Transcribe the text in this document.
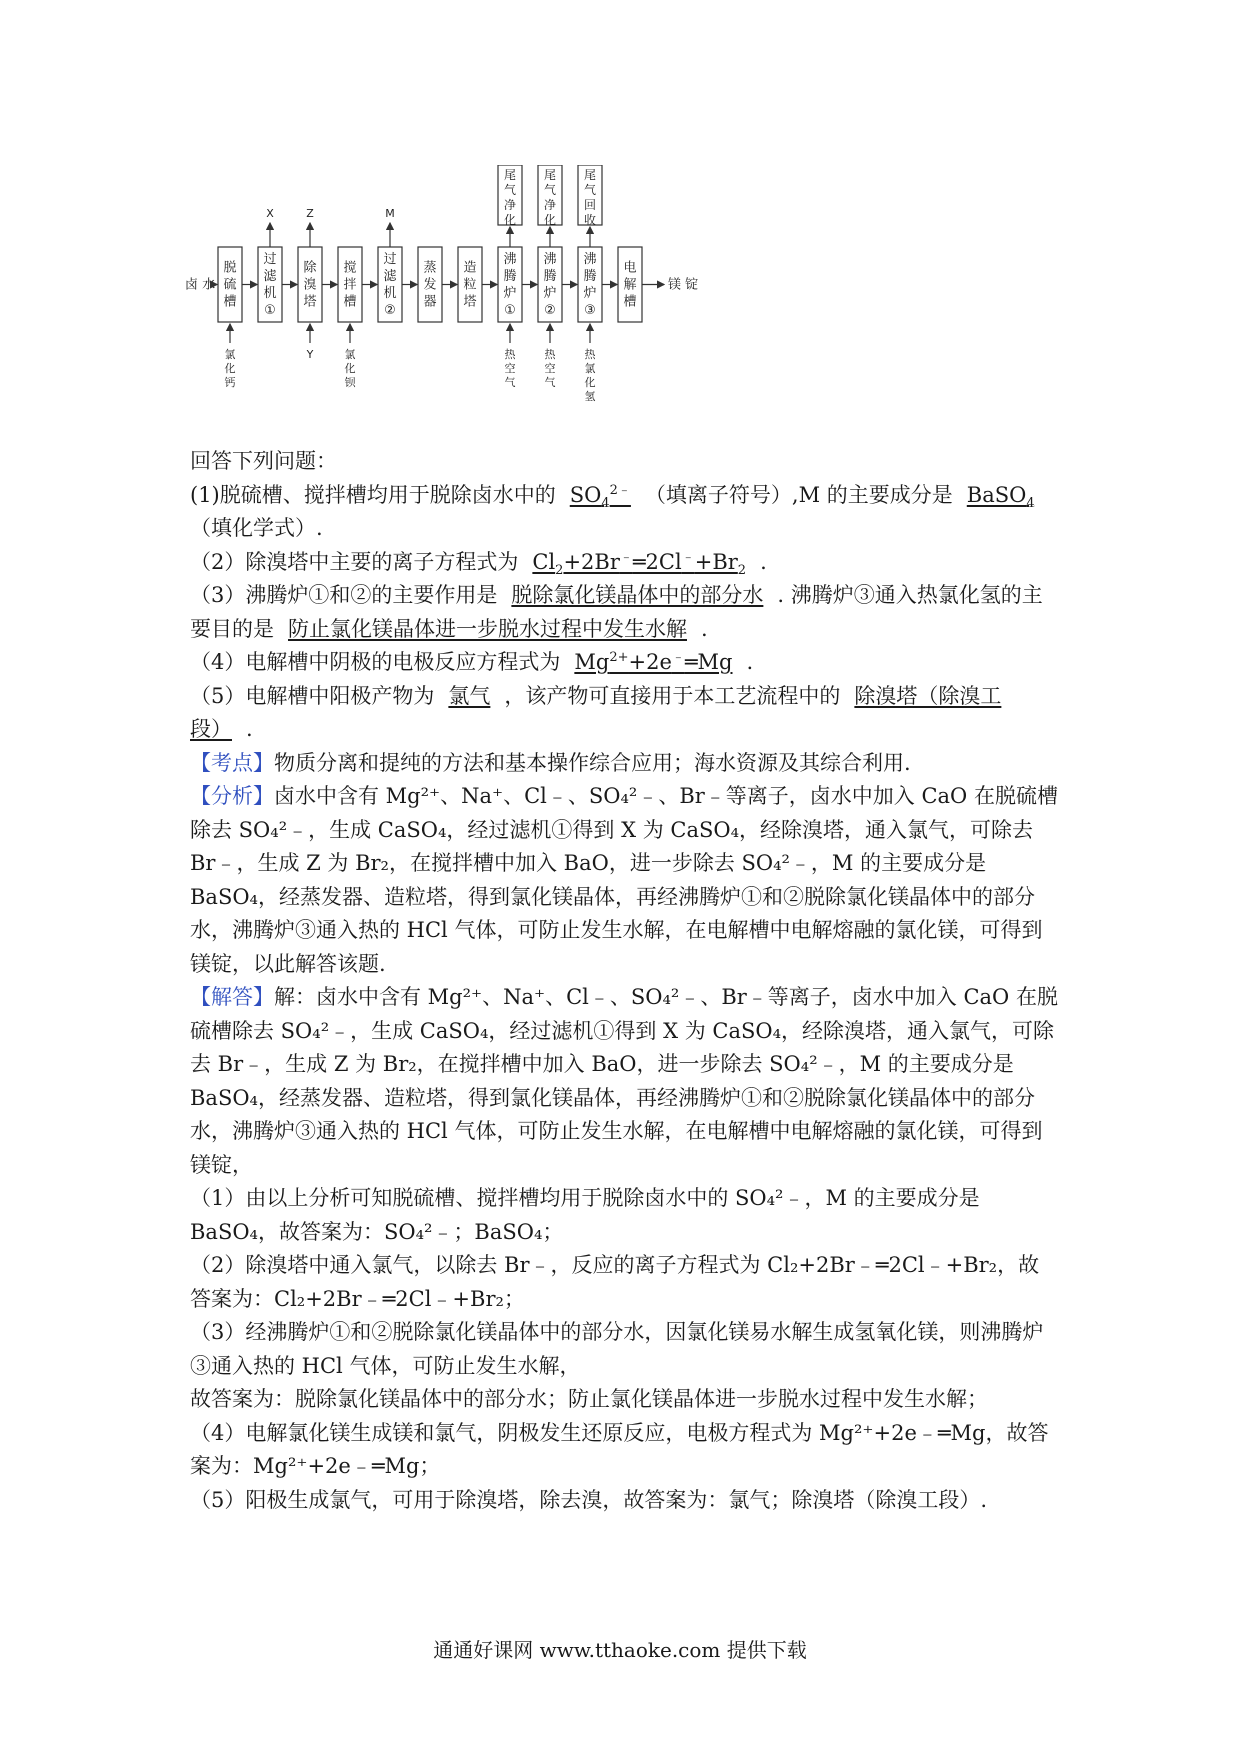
卤 水
脱硫槽
氯化钙
过滤机 ①
X
除溴塔
Z
Y
搅拌槽
氯化钡
过滤机 ②
M
蒸发器
造粒塔
沸腾炉 ①
尾气净化
热空气
沸腾炉 ②
尾气净化
热空气
沸腾炉 ③
尾气回收
热氯化氢
电解槽
镁 锭

回答下列问题：

(1)脱硫槽、搅拌槽均用于脱除卤水中的 $SO_4^{2﹣}$ （填离子符号）,M 的主要成分是 BaSO$_4$（填化学式）.

（2）除溴塔中主要的离子方程式为 $Cl_2+2Br^﹣═2Cl^﹣+Br_2$ .

（3）沸腾炉①和②的主要作用是 脱除氯化镁晶体中的部分水 . 沸腾炉③通入热氯化氢的主要目的是 防止氯化镁晶体进一步脱水过程中发生水解 .

（4）电解槽中阴极的电极反应方程式为 $Mg^{2+}+2e^﹣═Mg$ .

（5）电解槽中阳极产物为 氯气 ，该产物可直接用于本工艺流程中的 除溴塔（除溴工段） .

【考点】物质分离和提纯的方法和基本操作综合应用；海水资源及其综合利用.

【分析】卤水中含有 Mg²⁺、Na⁺、Cl﹣、SO₄²﹣、Br﹣等离子，卤水中加入 CaO 在脱硫槽除去 SO₄²﹣，生成 CaSO₄，经过滤机①得到 X 为 CaSO₄，经除溴塔，通入氯气，可除去 Br﹣，生成 Z 为 Br₂，在搅拌槽中加入 BaO，进一步除去 SO₄²﹣，M 的主要成分是 BaSO₄，经蒸发器、造粒塔，得到氯化镁晶体，再经沸腾炉①和②脱除氯化镁晶体中的部分水，沸腾炉③通入热的 HCl 气体，可防止发生水解，在电解槽中电解熔融的氯化镁，可得到镁锭，以此解答该题.

【解答】解：卤水中含有 Mg²⁺、Na⁺、Cl﹣、SO₄²﹣、Br﹣等离子，卤水中加入 CaO 在脱硫槽除去 SO₄²﹣，生成 CaSO₄，经过滤机①得到 X 为 CaSO₄，经除溴塔，通入氯气，可除去 Br﹣，生成 Z 为 Br₂，在搅拌槽中加入 BaO，进一步除去 SO₄²﹣，M 的主要成分是 BaSO₄，经蒸发器、造粒塔，得到氯化镁晶体，再经沸腾炉①和②脱除氯化镁晶体中的部分水，沸腾炉③通入热的 HCl 气体，可防止发生水解，在电解槽中电解熔融的氯化镁，可得到镁锭，

（1）由以上分析可知脱硫槽、搅拌槽均用于脱除卤水中的 SO₄²﹣，M 的主要成分是 BaSO₄，故答案为：SO₄²﹣；BaSO₄；

（2）除溴塔中通入氯气，以除去 Br﹣，反应的离子方程式为 Cl₂+2Br﹣═2Cl﹣+Br₂，故答案为：Cl₂+2Br﹣═2Cl﹣+Br₂；

（3）经沸腾炉①和②脱除氯化镁晶体中的部分水，因氯化镁易水解生成氢氧化镁，则沸腾炉③通入热的 HCl 气体，可防止发生水解，

故答案为：脱除氯化镁晶体中的部分水；防止氯化镁晶体进一步脱水过程中发生水解；

（4）电解氯化镁生成镁和氯气，阴极发生还原反应，电极方程式为 Mg²⁺+2e﹣═Mg，故答案为：Mg²⁺+2e﹣═Mg；

（5）阳极生成氯气，可用于除溴塔，除去溴，故答案为：氯气；除溴塔（除溴工段）.

通通好课网 www.tthaoke.com 提供下载
